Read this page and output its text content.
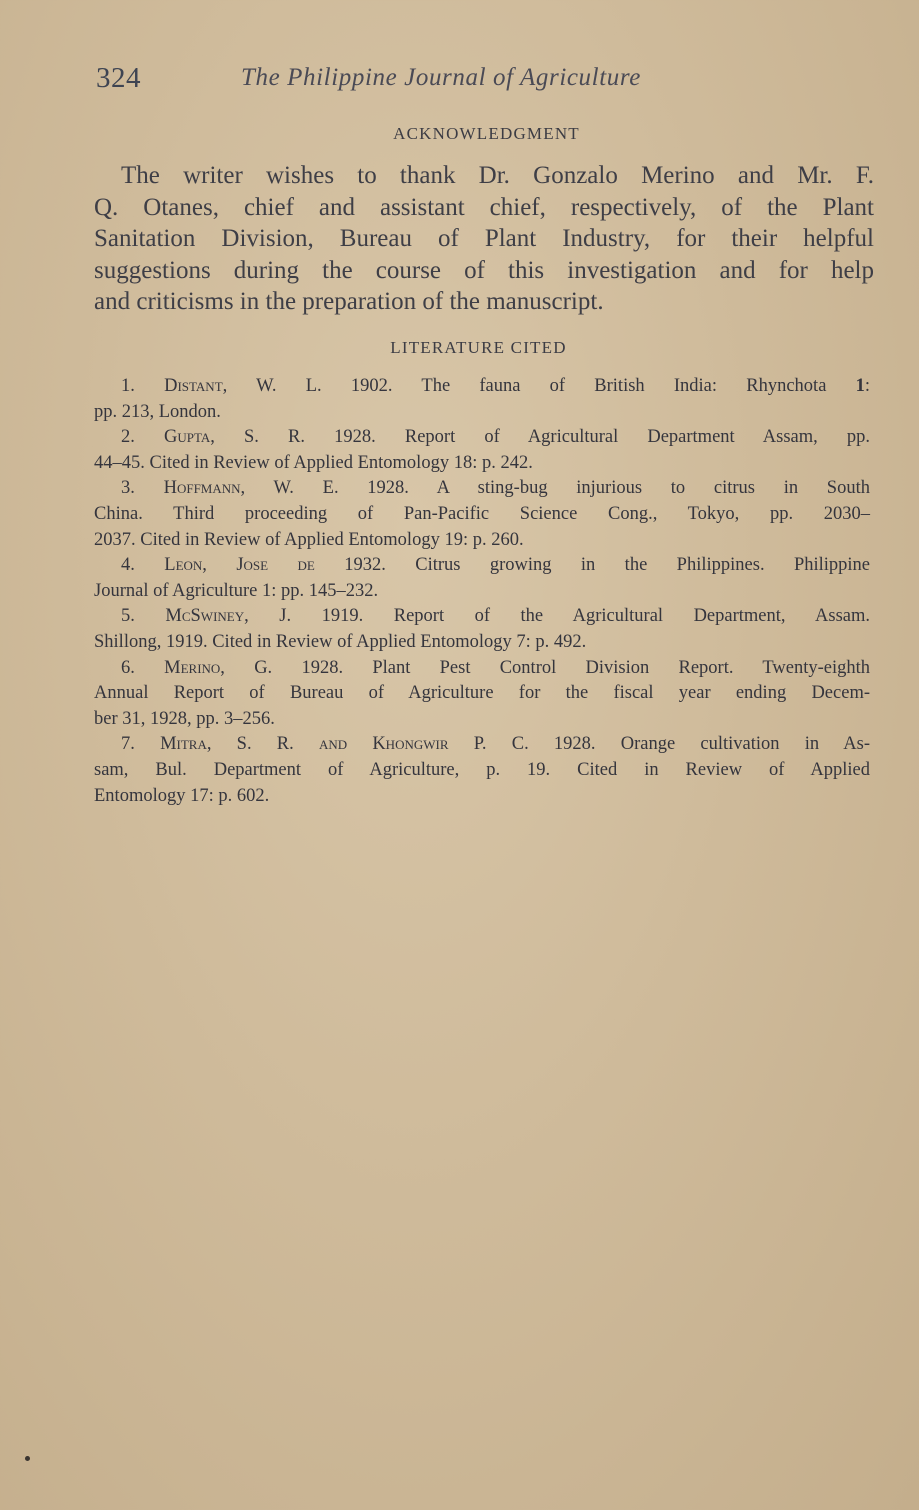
324	The Philippine Journal of Agriculture
ACKNOWLEDGMENT
The writer wishes to thank Dr. Gonzalo Merino and Mr. F.
Q. Otanes, chief and assistant chief, respectively, of the Plant
Sanitation Division, Bureau of Plant Industry, for their helpful
suggestions during the course of this investigation and for help
and criticisms in the preparation of the manuscript.
LITERATURE CITED
1. Distant, W. L. 1902. The fauna of British India: Rhynchota 1:
pp. 213, London.
2. Gupta, S. R. 1928. Report of Agricultural Department Assam, pp.
44–45. Cited in Review of Applied Entomology 18: p. 242.
3. Hoffmann, W. E. 1928. A sting-bug injurious to citrus in South
China. Third proceeding of Pan-Pacific Science Cong., Tokyo, pp. 2030–
2037. Cited in Review of Applied Entomology 19: p. 260.
4. Leon, Jose de 1932. Citrus growing in the Philippines. Philippine
Journal of Agriculture 1: pp. 145–232.
5. McSwiney, J. 1919. Report of the Agricultural Department, Assam.
Shillong, 1919. Cited in Review of Applied Entomology 7: p. 492.
6. Merino, G. 1928. Plant Pest Control Division Report. Twenty-eighth
Annual Report of Bureau of Agriculture for the fiscal year ending Decem-
ber 31, 1928, pp. 3–256.
7. Mitra, S. R. and Khongwir P. C. 1928. Orange cultivation in As-
sam, Bul. Department of Agriculture, p. 19. Cited in Review of Applied
Entomology 17: p. 602.
